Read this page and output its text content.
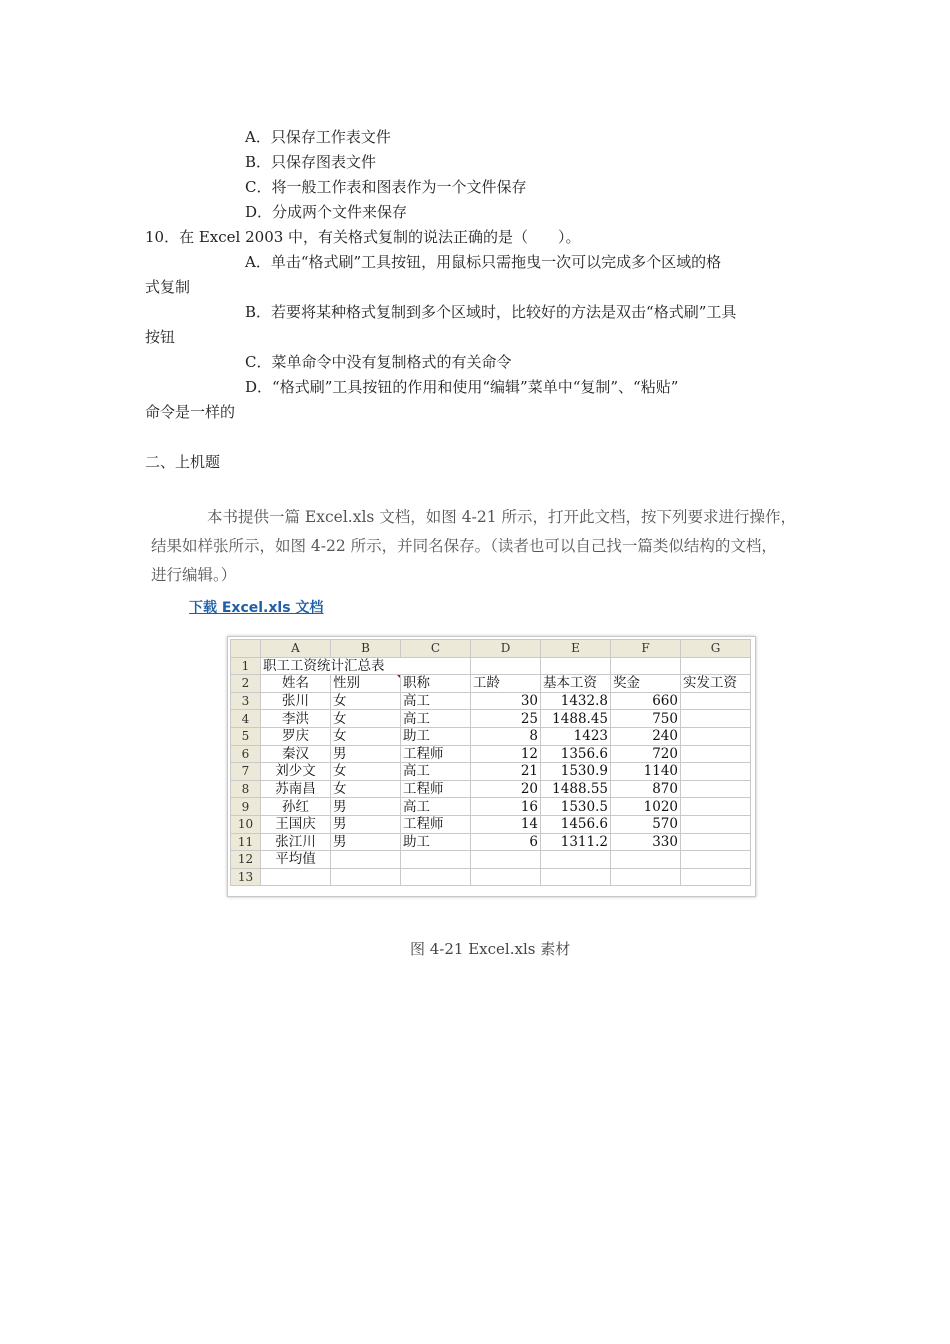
A．只保存工作表文件
B．只保存图表文件
C．将一般工作表和图表作为一个文件保存
D．分成两个文件来保存
10．在 Excel 2003 中，有关格式复制的说法正确的是（　　）。
A．单击“格式刷”工具按钮，用鼠标只需拖曳一次可以完成多个区域的格
式复制
B．若要将某种格式复制到多个区域时，比较好的方法是双击“格式刷”工具
按钮
C．菜单命令中没有复制格式的有关命令
D．“格式刷”工具按钮的作用和使用“编辑”菜单中“复制”、“粘贴”
命令是一样的
二、上机题
本书提供一篇 Excel.xls 文档，如图 4-21 所示，打开此文档，按下列要求进行操作，
结果如样张所示，如图 4-22 所示，并同名保存。（读者也可以自己找一篇类似结构的文档，
进行编辑。）
下载 Excel.xls 文档
	A	B	C	D	E	F	G
1	职工工资统计汇总表						
2	姓名	性别	职称	工龄	基本工资	奖金	实发工资
3	张川	女	高工	30	1432.8	660	
4	李洪	女	高工	25	1488.45	750	
5	罗庆	女	助工	8	1423	240	
6	秦汉	男	工程师	12	1356.6	720	
7	刘少文	女	高工	21	1530.9	1140	
8	苏南昌	女	工程师	20	1488.55	870	
9	孙红	男	高工	16	1530.5	1020	
10	王国庆	男	工程师	14	1456.6	570	
11	张江川	男	助工	6	1311.2	330	
12	平均值						
13							
图 4-21 Excel.xls 素材
